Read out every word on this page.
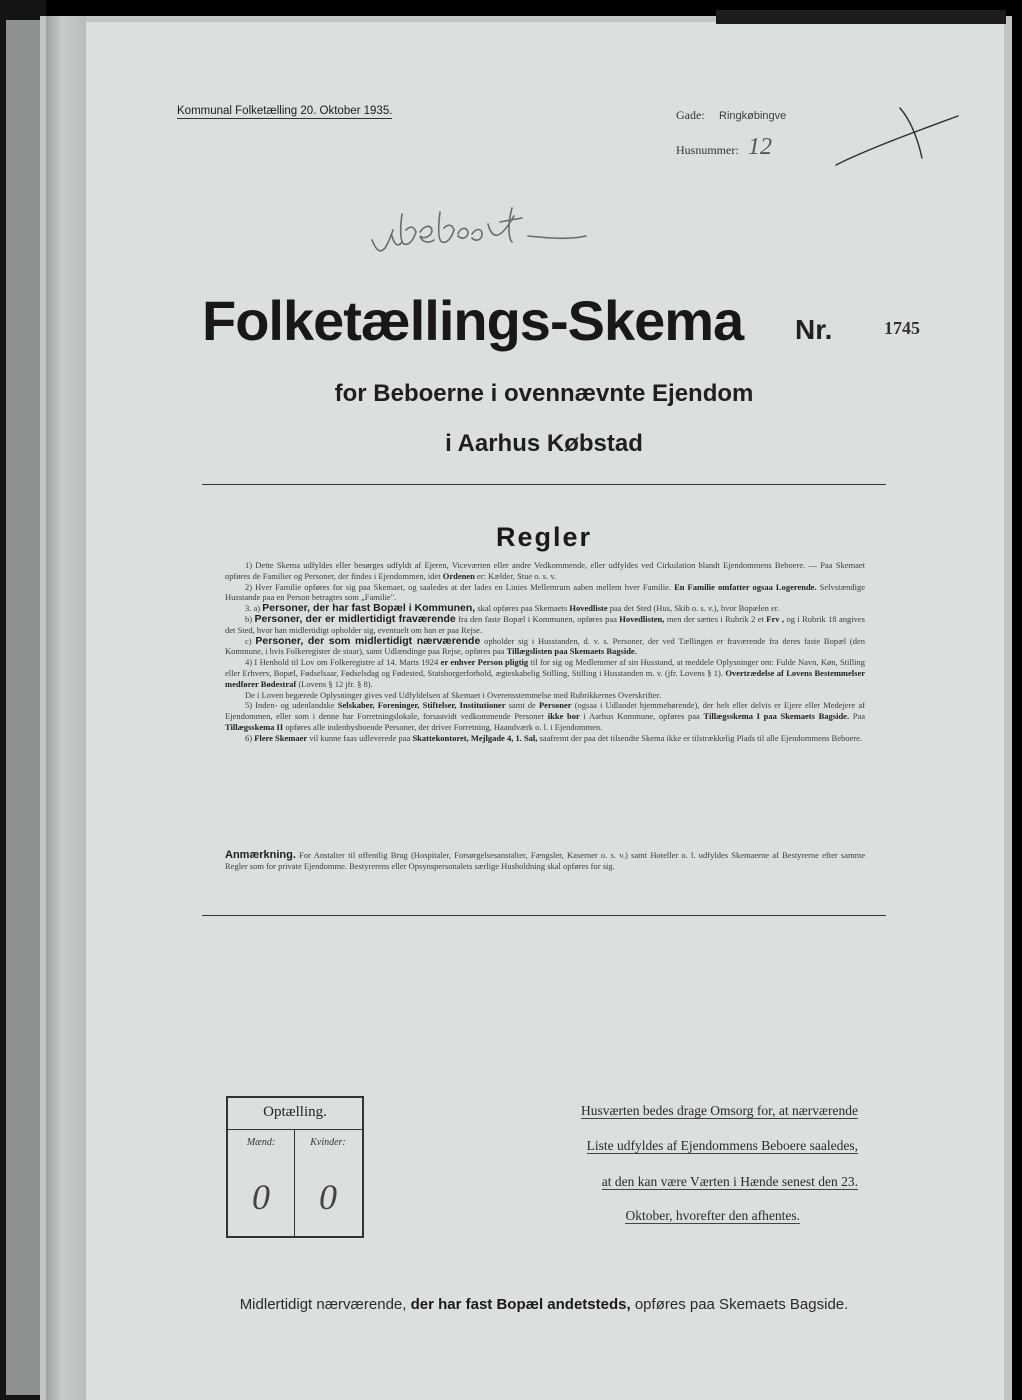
Kommunal Folketælling 20. Oktober 1935.	Gade: Ringkøbingve
Husnummer: 12
Folketællings-Skema Nr.	1745
for Beboerne i ovennævnte Ejendom
i Aarhus Købstad
Regler

1) Dette Skema udfyldes eller besørges udfyldt af Ejeren, Viceværten eller andre Vedkommende, eller udfyldes ved Cirkulation blandt Ejendommens Beboere. — Paa Skemaet opføres de Familier og Personer, der findes i Ejendommen, idet Ordenen er: Kælder, Stue o. s. v.

2) Hver Familie opføres for sig paa Skemaet, og saaledes at der lades en Linies Mellemrum aaben mellem hver Familie. En Familie omfatter ogsaa Logerende. Selvstændige Husstande paa en Person betragtes som „Familie".

3. a) Personer, der har fast Bopæl i Kommunen, skal opføres paa Skemaets Hovedliste paa det Sted (Hus, Skib o. s. v.), hvor Bopælen er.

b) Personer, der er midlertidigt fraværende fra den faste Bopæl i Kommunen, opføres paa Hovedlisten, men der sættes i Rubrik 2 et Frv , og i Rubrik 18 angives det Sted, hvor han midlertidigt opholder sig, eventuelt om han er paa Rejse.

c) Personer, der som midlertidigt nærværende opholder sig i Husstanden, d. v. s. Personer, der ved Tællingen er fraværende fra deres faste Bopæl (den Kommune, i hvis Folkeregister de staar), samt Udlændinge paa Rejse, opføres paa Tillægslisten paa Skemaets Bagside.

4) I Henhold til Lov om Folkeregistre af 14. Marts 1924 er enhver Person pligtig til for sig og Medlemmer af sin Husstand, at meddele Oplysninger om: Fulde Navn, Køn, Stilling eller Erhverv, Bopæl, Fødselsaar, Fødselsdag og Fødested, Statsborgerforhold, ægteskabelig Stilling, Stilling i Husstanden m. v. (jfr. Lovens § 1). Overtrædelse af Lovens Bestemmelser medfører Bødestraf (Lovens § 12 jfr. § 8).

De i Loven begærede Oplysninger gives ved Udfyldelsen af Skemaet i Overensstemmelse med Rubrikkernes Overskrifter.

5) Inden- og udenlandske Selskaber, Foreninger, Stiftelser, Institutioner samt de Personer (ogsaa i Udlandet hjemmehørende), der helt eller delvis er Ejere eller Medejere af Ejendommen, eller som i denne har Forretningslokale, forsaavidt vedkommende Personer ikke bor i Aarhus Kommune, opføres paa Tillægsskema I paa Skemaets Bagside. Paa Tillægsskema II opføres alle indenbysboende Personer, der driver Forretning, Haandværk o. l. i Ejendommen.

6) Flere Skemaer vil kunne faas udleverede paa Skattekontoret, Mejlgade 4, 1. Sal, saafremt der paa det tilsendte Skema ikke er tilstrækkelig Plads til alle Ejendommens Beboere.

Anmærkning. For Anstalter til offentlig Brug (Hospitaler, Forsørgelsesanstalter, Fængsler, Kaserner o. s. v.) samt Hoteller o. l. udfyldes Skemaerne af Bestyrerne efter samme Regler som for private Ejendomme. Bestyrerens eller Opsynspersonalets særlige Husholdning skal opføres for sig.
Optælling.
Mænd:	Kvinder:
0	0
Husværten bedes drage Omsorg for, at nærværende
Liste udfyldes af Ejendommens Beboere saaledes,
at den kan være Værten i Hænde senest den 23.
Oktober, hvorefter den afhentes.
Midlertidigt nærværende, der har fast Bopæl andetsteds, opføres paa Skemaets Bagside.
